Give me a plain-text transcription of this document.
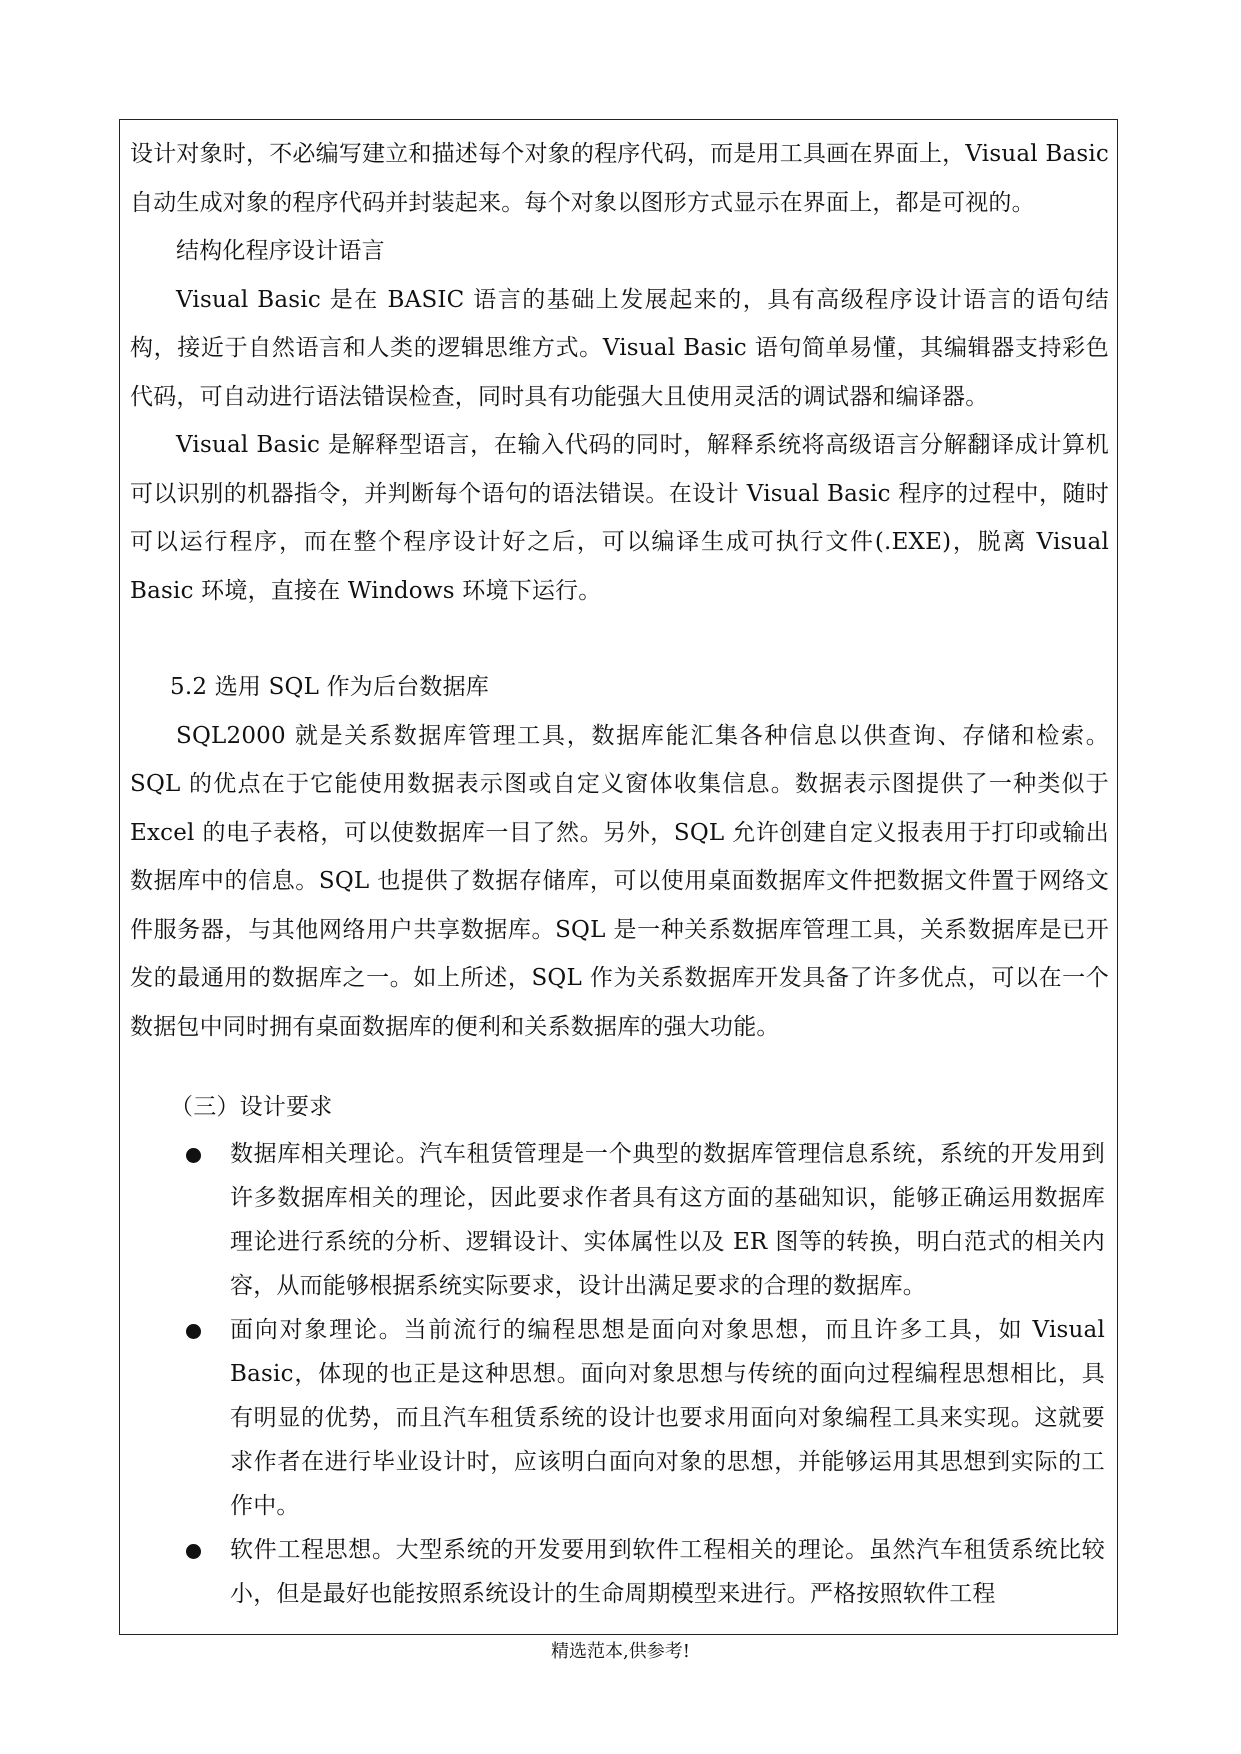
设计对象时，不必编写建立和描述每个对象的程序代码，而是用工具画在界面上，Visual Basic 自动生成对象的程序代码并封装起来。每个对象以图形方式显示在界面上，都是可视的。

结构化程序设计语言

Visual Basic 是在 BASIC 语言的基础上发展起来的，具有高级程序设计语言的语句结构，接近于自然语言和人类的逻辑思维方式。Visual Basic 语句简单易懂，其编辑器支持彩色代码，可自动进行语法错误检查，同时具有功能强大且使用灵活的调试器和编译器。

Visual Basic 是解释型语言，在输入代码的同时，解释系统将高级语言分解翻译成计算机可以识别的机器指令，并判断每个语句的语法错误。在设计 Visual Basic 程序的过程中，随时可以运行程序，而在整个程序设计好之后，可以编译生成可执行文件(.EXE)，脱离 Visual Basic 环境，直接在 Windows 环境下运行。

5.2 选用 SQL 作为后台数据库

SQL2000 就是关系数据库管理工具，数据库能汇集各种信息以供查询、存储和检索。SQL 的优点在于它能使用数据表示图或自定义窗体收集信息。数据表示图提供了一种类似于 Excel 的电子表格，可以使数据库一目了然。另外，SQL 允许创建自定义报表用于打印或输出数据库中的信息。SQL 也提供了数据存储库，可以使用桌面数据库文件把数据文件置于网络文件服务器，与其他网络用户共享数据库。SQL 是一种关系数据库管理工具，关系数据库是已开发的最通用的数据库之一。如上所述，SQL 作为关系数据库开发具备了许多优点，可以在一个数据包中同时拥有桌面数据库的便利和关系数据库的强大功能。

（三）设计要求

数据库相关理论。汽车租赁管理是一个典型的数据库管理信息系统，系统的开发用到许多数据库相关的理论，因此要求作者具有这方面的基础知识，能够正确运用数据库理论进行系统的分析、逻辑设计、实体属性以及 ER 图等的转换，明白范式的相关内容，从而能够根据系统实际要求，设计出满足要求的合理的数据库。
面向对象理论。当前流行的编程思想是面向对象思想，而且许多工具，如 Visual Basic，体现的也正是这种思想。面向对象思想与传统的面向过程编程思想相比，具有明显的优势，而且汽车租赁系统的设计也要求用面向对象编程工具来实现。这就要求作者在进行毕业设计时，应该明白面向对象的思想，并能够运用其思想到实际的工作中。
软件工程思想。大型系统的开发要用到软件工程相关的理论。虽然汽车租赁系统比较小，但是最好也能按照系统设计的生命周期模型来进行。严格按照软件工程
精选范本,供参考!
